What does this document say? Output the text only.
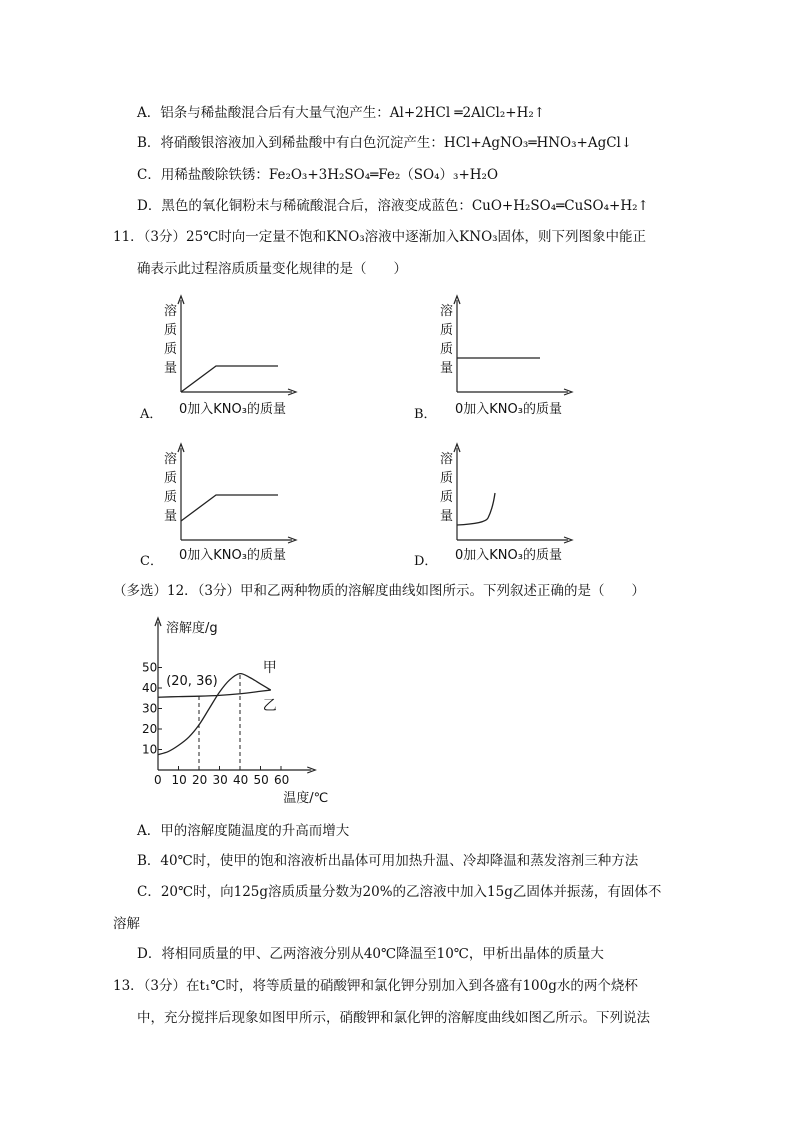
A．铝条与稀盐酸混合后有大量气泡产生：Al+2HCl ═2AlCl₂+H₂↑
B．将硝酸银溶液加入到稀盐酸中有白色沉淀产生：HCl+AgNO₃═HNO₃+AgCl↓
C．用稀盐酸除铁锈：Fe₂O₃+3H₂SO₄═Fe₂（SO₄）₃+H₂O
D．黑色的氧化铜粉末与稀硫酸混合后，溶液变成蓝色：CuO+H₂SO₄═CuSO₄+H₂↑
11．（3分）25℃时向一定量不饱和KNO₃溶液中逐渐加入KNO₃固体，则下列图象中能正
确表示此过程溶质质量变化规律的是（　　）
溶
质
质
量
0加入KNO₃的质量
A．
溶
质
质
量
0加入KNO₃的质量
B．
溶
质
质
量
0加入KNO₃的质量
C．
溶
质
质
量
0加入KNO₃的质量
D．
（多选）12．（3分）甲和乙两种物质的溶解度曲线如图所示。下列叙述正确的是（　　）
0 10 20 30 40 50 60
10
20
30
40
50
溶解度/g
温度/℃
甲
乙
(20, 36)
A．甲的溶解度随温度的升高而增大
B．40℃时，使甲的饱和溶液析出晶体可用加热升温、冷却降温和蒸发溶剂三种方法
C．20℃时，向125g溶质质量分数为20%的乙溶液中加入15g乙固体并振荡，有固体不
溶解
D．将相同质量的甲、乙两溶液分别从40℃降温至10℃，甲析出晶体的质量大
13．（3分）在t₁℃时，将等质量的硝酸钾和氯化钾分别加入到各盛有100g水的两个烧杯
中，充分搅拌后现象如图甲所示，硝酸钾和氯化钾的溶解度曲线如图乙所示。下列说法
